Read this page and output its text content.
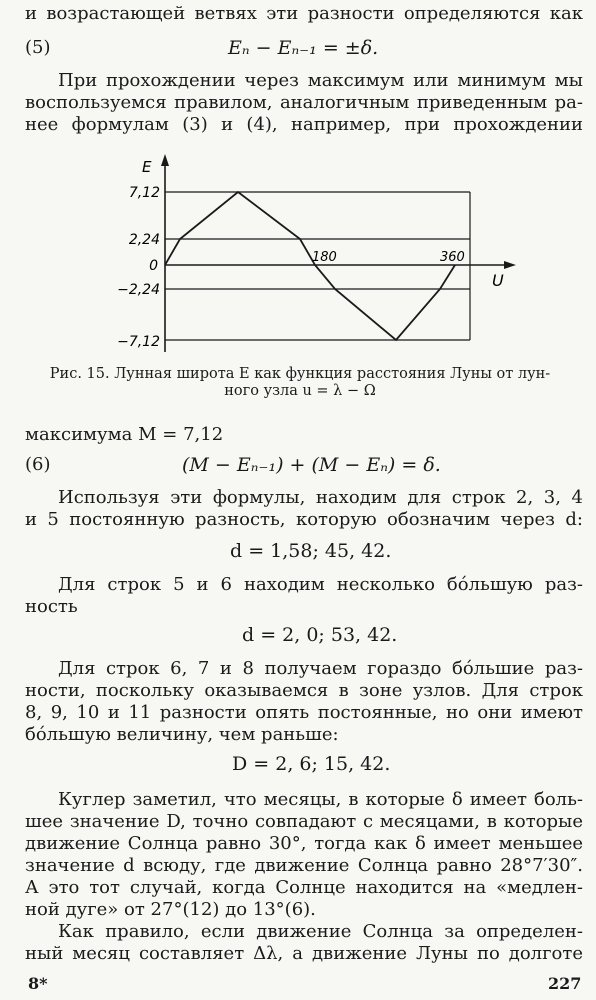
и возрастающей ветвях эти разности определяются как
(5)	Eₙ − Eₙ₋₁ = ±δ.
При прохождении через максимум или минимум мы
воспользуемся правилом, аналогичным приведенным ра-
нее формулам (3) и (4), например, при прохождении
E
U
7,12
2,24
0
−2,24
−7,12
180	360
Рис. 15. Лунная широта E как функция расстояния Луны от лун-
ного узла u = λ − Ω
максимума M = 7,12
(6)	(M − Eₙ₋₁) + (M − Eₙ) = δ.
Используя эти формулы, находим для строк 2, 3, 4
и 5 постоянную разность, которую обозначим через d:
d = 1,58; 45, 42.
Для строк 5 и 6 находим несколько бóльшую раз-
ность
d = 2, 0; 53, 42.
Для строк 6, 7 и 8 получаем гораздо бóльшие раз-
ности, поскольку оказываемся в зоне узлов. Для строк
8, 9, 10 и 11 разности опять постоянные, но они имеют
бóльшую величину, чем раньше:
D = 2, 6; 15, 42.
Куглер заметил, что месяцы, в которые δ имеет боль-
шее значение D, точно совпадают с месяцами, в которые
движение Солнца равно 30°, тогда как δ имеет меньшее
значение d всюду, где движение Солнца равно 28°7′30″.
А это тот случай, когда Солнце находится на «медлен-
ной дуге» от 27°(12) до 13°(6).
Как правило, если движение Солнца за определен-
ный месяц составляет Δλ, а движение Луны по долготе
8*	227
